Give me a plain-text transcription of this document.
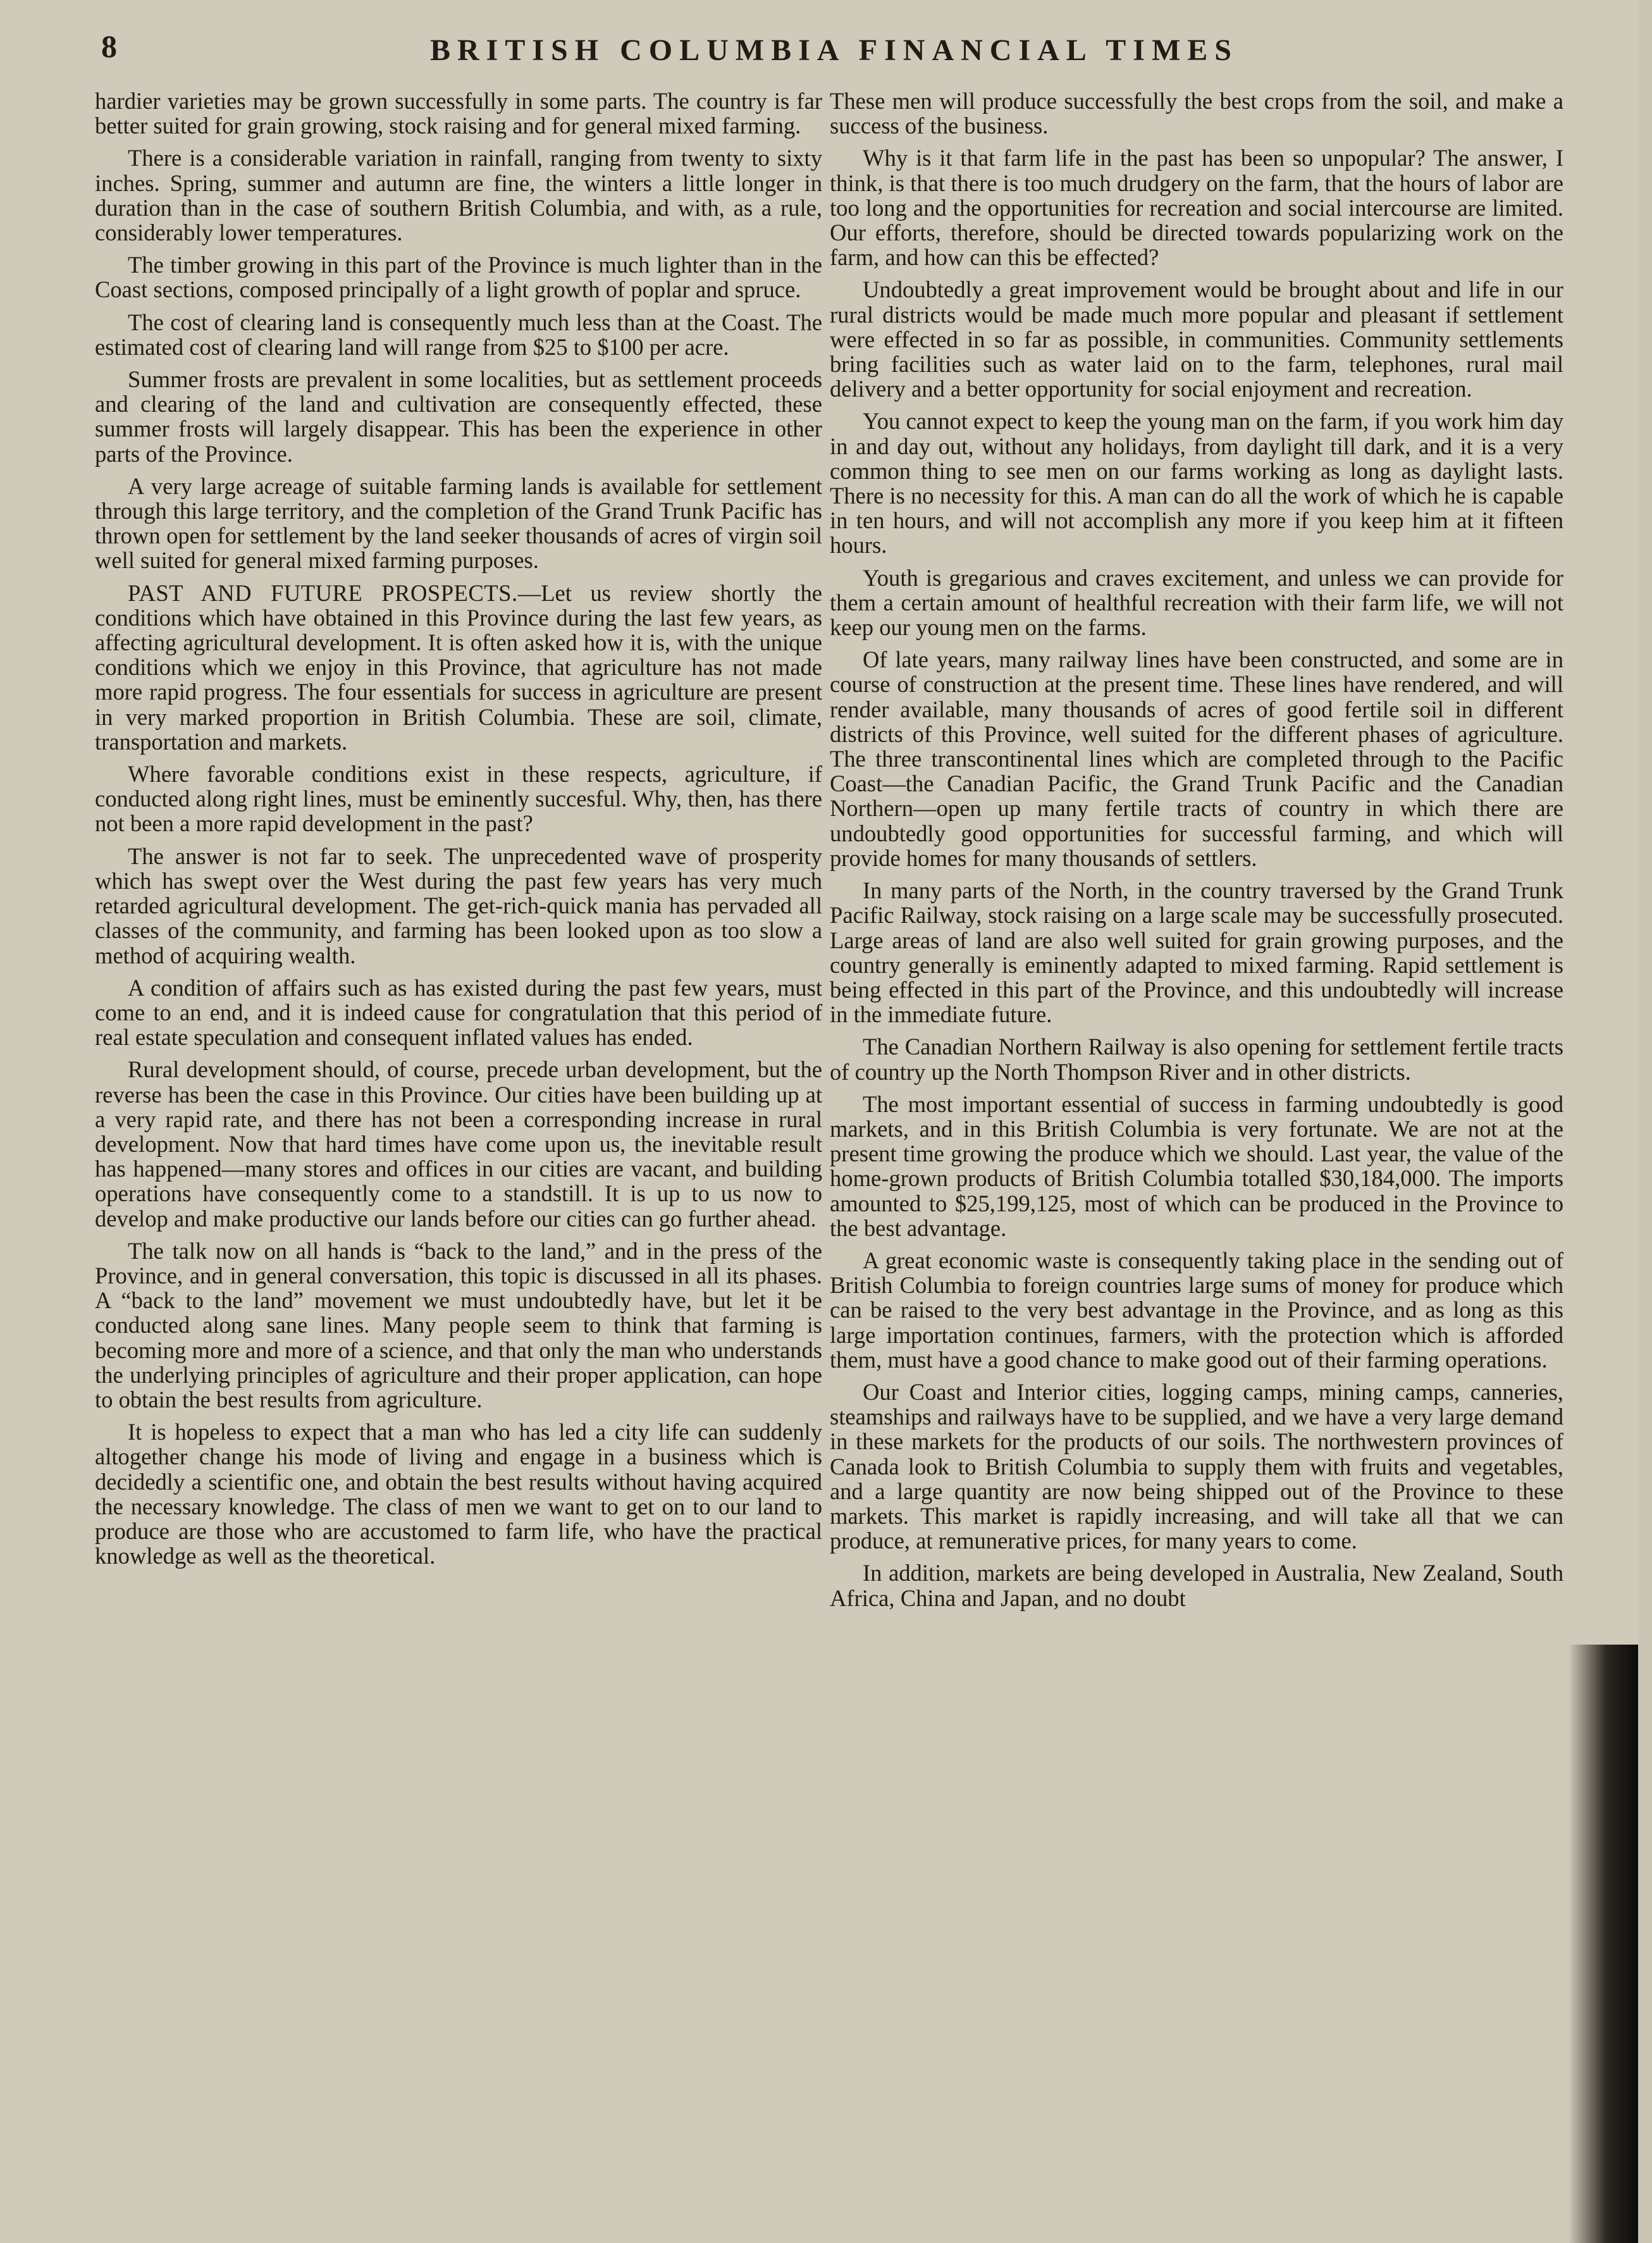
8	BRITISH COLUMBIA FINANCIAL TIMES

hardier varieties may be grown successfully in some parts. The country is far better suited for grain growing, stock raising and for general mixed farming.

There is a considerable variation in rainfall, ranging from twenty to sixty inches. Spring, summer and autumn are fine, the winters a little longer in duration than in the case of southern British Columbia, and with, as a rule, considerably lower temperatures.

The timber growing in this part of the Province is much lighter than in the Coast sections, composed principally of a light growth of poplar and spruce.

The cost of clearing land is consequently much less than at the Coast. The estimated cost of clearing land will range from $25 to $100 per acre.

Summer frosts are prevalent in some localities, but as settlement proceeds and clearing of the land and cultivation are consequently effected, these summer frosts will largely disappear. This has been the experience in other parts of the Province.

A very large acreage of suitable farming lands is available for settlement through this large territory, and the completion of the Grand Trunk Pacific has thrown open for settlement by the land seeker thousands of acres of virgin soil well suited for general mixed farming purposes.

PAST AND FUTURE PROSPECTS.—Let us review shortly the conditions which have obtained in this Province during the last few years, as affecting agricultural development. It is often asked how it is, with the unique conditions which we enjoy in this Province, that agriculture has not made more rapid progress. The four essentials for success in agriculture are present in very marked proportion in British Columbia. These are soil, climate, transportation and markets.

Where favorable conditions exist in these respects, agriculture, if conducted along right lines, must be eminently succesful. Why, then, has there not been a more rapid development in the past?

The answer is not far to seek. The unprecedented wave of prosperity which has swept over the West during the past few years has very much retarded agricultural development. The get-rich-quick mania has pervaded all classes of the community, and farming has been looked upon as too slow a method of acquiring wealth.

A condition of affairs such as has existed during the past few years, must come to an end, and it is indeed cause for congratulation that this period of real estate speculation and consequent inflated values has ended.

Rural development should, of course, precede urban development, but the reverse has been the case in this Province. Our cities have been building up at a very rapid rate, and there has not been a corresponding increase in rural development. Now that hard times have come upon us, the inevitable result has happened—many stores and offices in our cities are vacant, and building operations have consequently come to a standstill. It is up to us now to develop and make productive our lands before our cities can go further ahead.

The talk now on all hands is “back to the land,” and in the press of the Province, and in general conversation, this topic is discussed in all its phases. A “back to the land” movement we must undoubtedly have, but let it be conducted along sane lines. Many people seem to think that farming is becoming more and more of a science, and that only the man who understands the underlying principles of agriculture and their proper application, can hope to obtain the best results from agriculture.

It is hopeless to expect that a man who has led a city life can suddenly altogether change his mode of living and engage in a business which is decidedly a scientific one, and obtain the best results without having acquired the necessary knowledge. The class of men we want to get on to our land to produce are those who are accustomed to farm life, who have the practical knowledge as well as the theoretical.

These men will produce successfully the best crops from the soil, and make a success of the business.

Why is it that farm life in the past has been so unpopular? The answer, I think, is that there is too much drudgery on the farm, that the hours of labor are too long and the opportunities for recreation and social intercourse are limited. Our efforts, therefore, should be directed towards popularizing work on the farm, and how can this be effected?

Undoubtedly a great improvement would be brought about and life in our rural districts would be made much more popular and pleasant if settlement were effected in so far as possible, in communities. Community settlements bring facilities such as water laid on to the farm, telephones, rural mail delivery and a better opportunity for social enjoyment and recreation.

You cannot expect to keep the young man on the farm, if you work him day in and day out, without any holidays, from daylight till dark, and it is a very common thing to see men on our farms working as long as daylight lasts. There is no necessity for this. A man can do all the work of which he is capable in ten hours, and will not accomplish any more if you keep him at it fifteen hours.

Youth is gregarious and craves excitement, and unless we can provide for them a certain amount of healthful recreation with their farm life, we will not keep our young men on the farms.

Of late years, many railway lines have been constructed, and some are in course of construction at the present time. These lines have rendered, and will render available, many thousands of acres of good fertile soil in different districts of this Province, well suited for the different phases of agriculture. The three transcontinental lines which are completed through to the Pacific Coast—the Canadian Pacific, the Grand Trunk Pacific and the Canadian Northern—open up many fertile tracts of country in which there are undoubtedly good opportunities for successful farming, and which will provide homes for many thousands of settlers.

In many parts of the North, in the country traversed by the Grand Trunk Pacific Railway, stock raising on a large scale may be successfully prosecuted. Large areas of land are also well suited for grain growing purposes, and the country generally is eminently adapted to mixed farming. Rapid settlement is being effected in this part of the Province, and this undoubtedly will increase in the immediate future.

The Canadian Northern Railway is also opening for settlement fertile tracts of country up the North Thompson River and in other districts.

The most important essential of success in farming undoubtedly is good markets, and in this British Columbia is very fortunate. We are not at the present time growing the produce which we should. Last year, the value of the home-grown products of British Columbia totalled $30,184,000. The imports amounted to $25,199,125, most of which can be produced in the Province to the best advantage.

A great economic waste is consequently taking place in the sending out of British Columbia to foreign countries large sums of money for produce which can be raised to the very best advantage in the Province, and as long as this large importation continues, farmers, with the protection which is afforded them, must have a good chance to make good out of their farming operations.

Our Coast and Interior cities, logging camps, mining camps, canneries, steamships and railways have to be supplied, and we have a very large demand in these markets for the products of our soils. The northwestern provinces of Canada look to British Columbia to supply them with fruits and vegetables, and a large quantity are now being shipped out of the Province to these markets. This market is rapidly increasing, and will take all that we can produce, at remunerative prices, for many years to come.

In addition, markets are being developed in Australia, New Zealand, South Africa, China and Japan, and no doubt
